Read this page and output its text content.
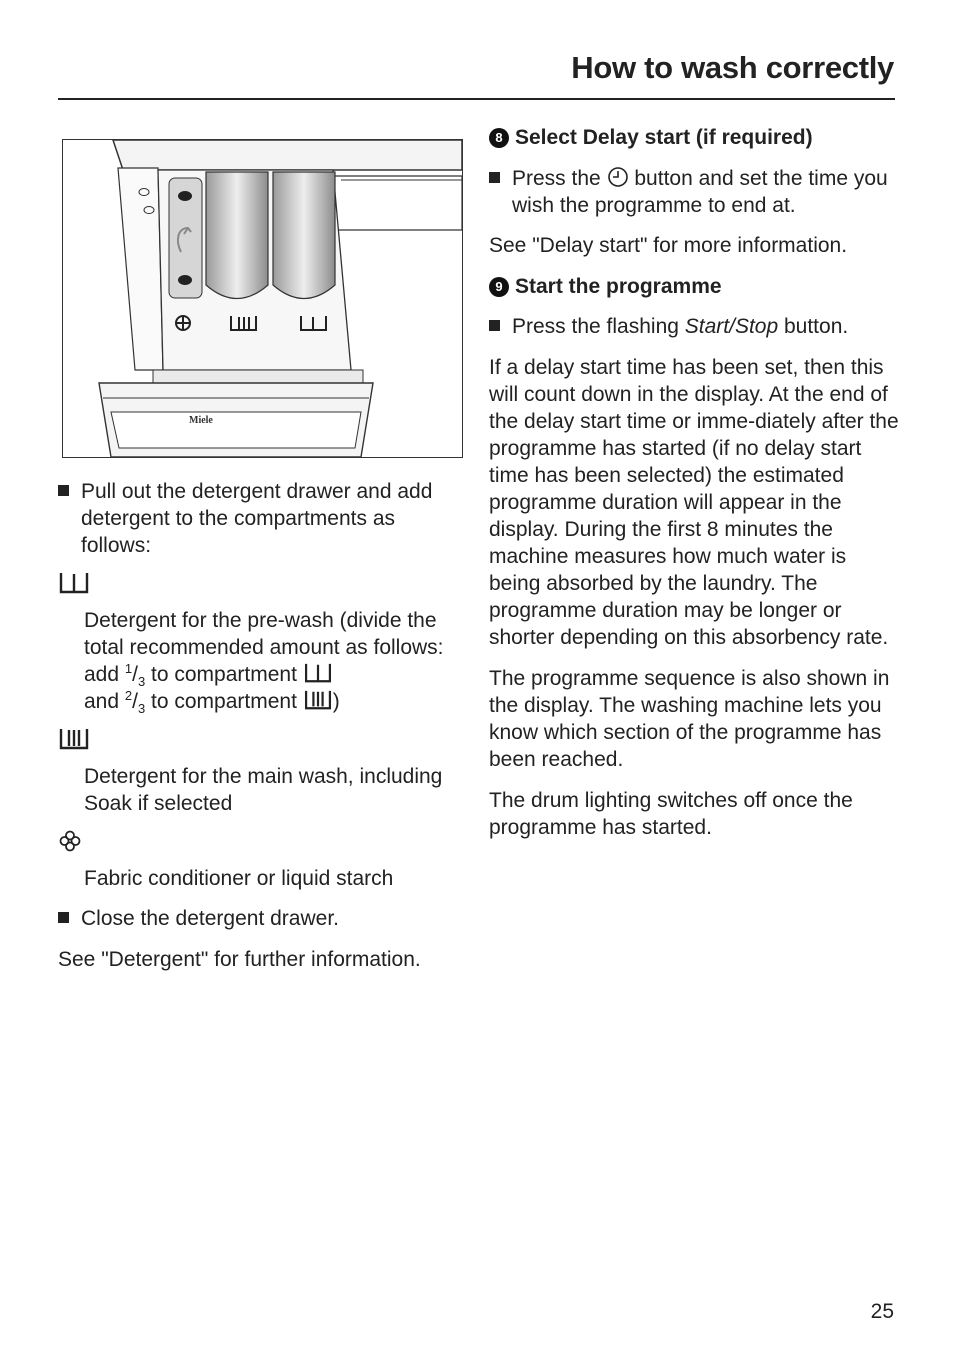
How to wash correctly
Miele
Pull out the detergent drawer and add detergent to the compartments as follows:

Detergent for the pre-wash (divide the total recommended amount as follows: add $^1/_3$ to compartment
and $^2/_3$ to compartment )

Detergent for the main wash, including Soak if selected

Fabric conditioner or liquid starch

Close the detergent drawer.

See "Detergent" for further information.

8 Select Delay start (if required)
Press the  button and set the time you wish the programme to end at.

See "Delay start" for more information.

9 Start the programme
Press the flashing Start/Stop button.

If a delay start time has been set, then this will count down in the display. At the end of the delay start time or imme-diately after the programme has started (if no delay start time has been selected) the estimated programme duration will appear in the display. During the first 8 minutes the machine measures how much water is being absorbed by the laundry. The programme duration may be longer or shorter depending on this absorbency rate.

The programme sequence is also shown in the display. The washing machine lets you know which section of the programme has been reached.

The drum lighting switches off once the programme has started.

25
